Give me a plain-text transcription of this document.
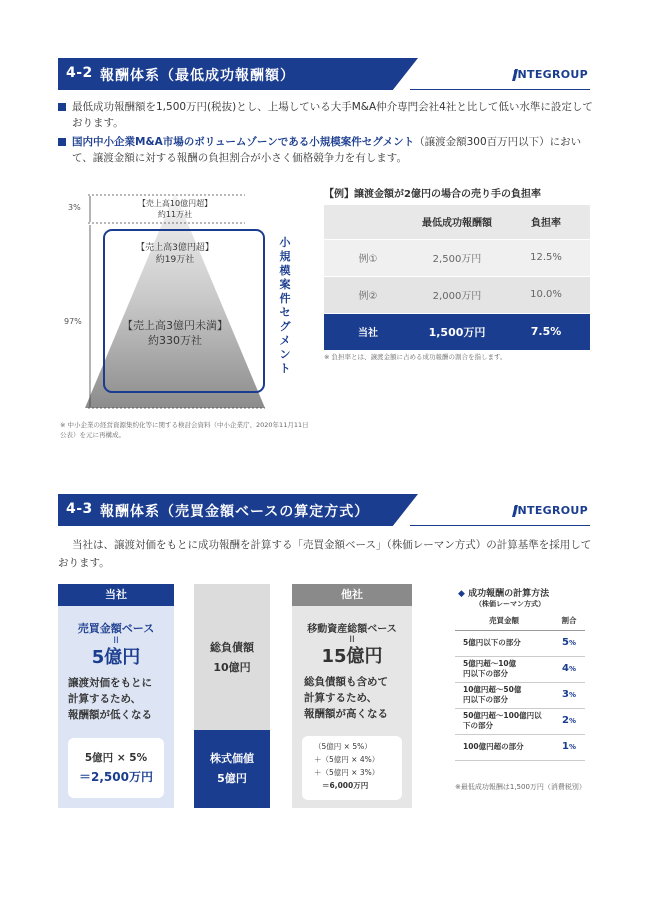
4-2 報酬体系（最低成功報酬額）	INTEGROUP
最低成功報酬額を1,500万円(税抜)とし、上場している大手M&A仲介専門会社4社と比して低い水準に設定しております。
国内中小企業M&A市場のボリュームゾーンである小規模案件セグメント（譲渡金額300百万円以下）において、譲渡金額に対する報酬の負担割合が小さく価格競争力を有します。
3%
97%
【売上高10億円超】
約11万社
【売上高3億円超】
約19万社
【売上高3億円未満】
約330万社
小規模案件セグメント
※ 中小企業の経営資源集約化等に関する検討会資料（中小企業庁、2020年11月11日公表）を元に再構成。
【例】譲渡金額が2億円の場合の売り手の負担率
	最低成功報酬額	負担率
例①	2,500万円	12.5%
例②	2,000万円	10.0%
当社	1,500万円	7.5%
※ 負担率とは、譲渡金額に占める成功報酬の割合を指します。
4-3 報酬体系（売買金額ベースの算定方式）	INTEGROUP
当社は、譲渡対価をもとに成功報酬を計算する「売買金額ベース」（株価レーマン方式）の計算基準を採用しております。
当社
売買金額ベース
II
5億円
譲渡対価をもとに
計算するため、
報酬額が低くなる
5億円 × 5%
＝2,500万円
総負債額
10億円
株式価値
5億円
他社
移動資産総額ベース
II
15億円
総負債額も含めて
計算するため、
報酬額が高くなる
（5億円 × 5%）
＋（5億円 × 4%）
＋（5億円 × 3%）
＝6,000万円
◆ 成功報酬の計算方法
（株価レーマン方式）
売買金額	割合
5億円以下の部分	5%
5億円超～10億円以下の部分	4%
10億円超～50億円以下の部分	3%
50億円超～100億円以下の部分	2%
100億円超の部分	1%
※最低成功報酬は1,500万円（消費税別）
